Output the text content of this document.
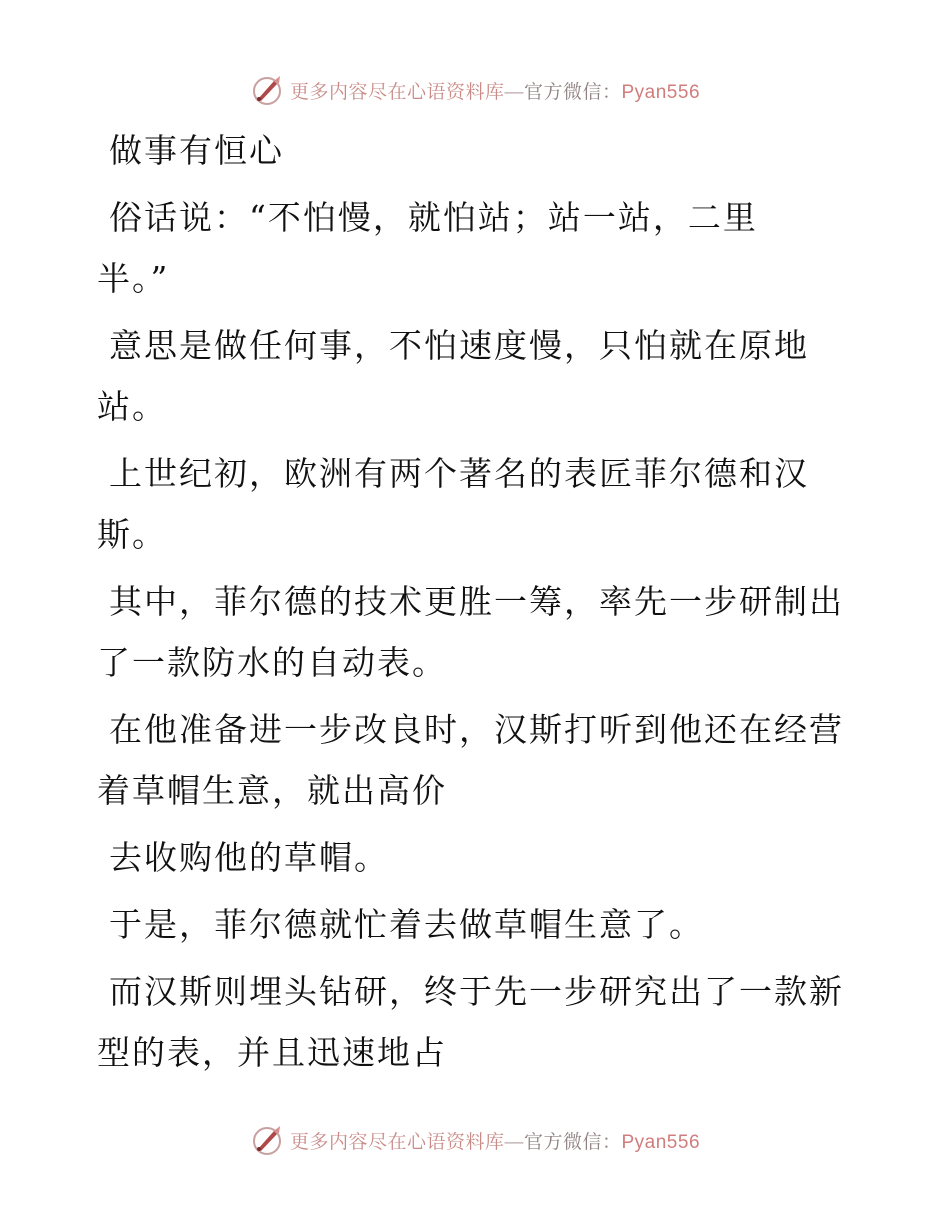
更多内容尽在心语资料库—官方微信：Pyan556

做事有恒心

俗话说：“不怕慢，就怕站；站一站，二里
半。”

意思是做任何事，不怕速度慢，只怕就在原地
站。

上世纪初，欧洲有两个著名的表匠菲尔德和汉
斯。

其中，菲尔德的技术更胜一筹，率先一步研制出
了一款防水的自动表。

在他准备进一步改良时，汉斯打听到他还在经营
着草帽生意，就出高价

去收购他的草帽。

于是，菲尔德就忙着去做草帽生意了。

而汉斯则埋头钻研，终于先一步研究出了一款新
型的表，并且迅速地占

更多内容尽在心语资料库—官方微信：Pyan556
